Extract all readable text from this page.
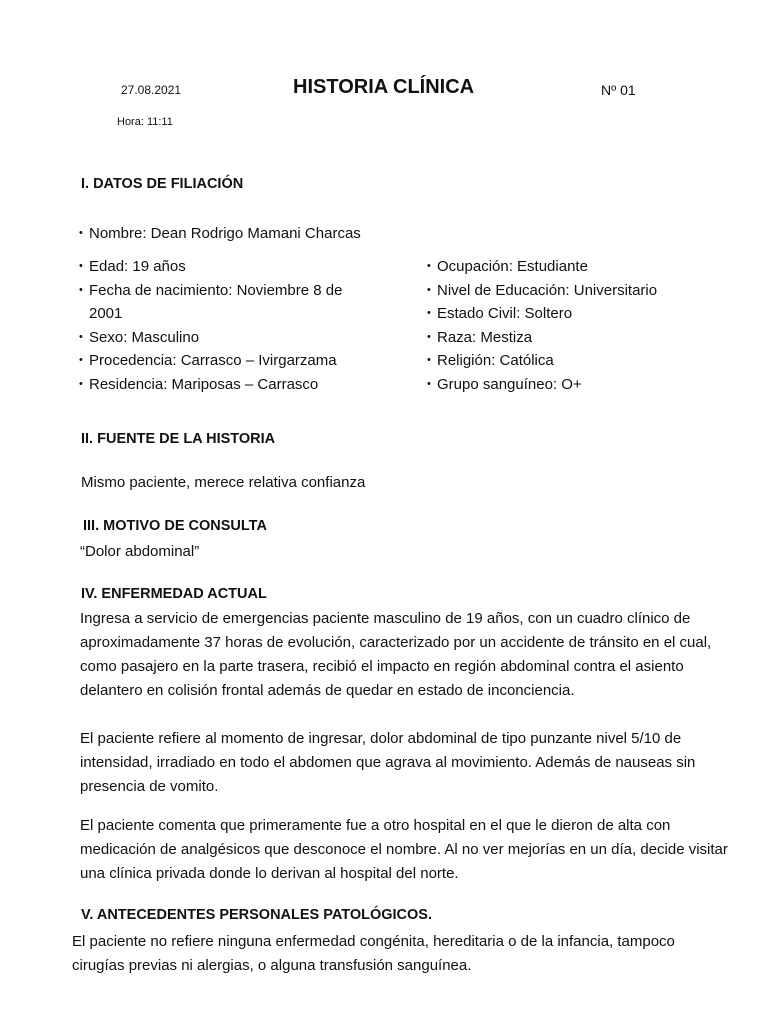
27.08.2021	HISTORIA CLÍNICA	Nº 01
Hora: 11:11
I. DATOS DE FILIACIÓN
• Nombre: Dean Rodrigo Mamani Charcas
• Edad: 19 años
• Fecha de nacimiento: Noviembre 8 de 2001
• Sexo: Masculino
• Procedencia: Carrasco – Ivirgarzama
• Residencia: Mariposas – Carrasco
• Ocupación: Estudiante
• Nivel de Educación: Universitario
• Estado Civil: Soltero
• Raza: Mestiza
• Religión: Católica
• Grupo sanguíneo: O+
II. FUENTE DE LA HISTORIA
Mismo paciente, merece relativa confianza
III. MOTIVO DE CONSULTA
“Dolor abdominal”
IV. ENFERMEDAD ACTUAL

Ingresa a servicio de emergencias paciente masculino de 19 años, con un cuadro clínico de aproximadamente 37 horas de evolución, caracterizado por un accidente de tránsito en el cual, como pasajero en la parte trasera, recibió el impacto en región abdominal contra el asiento delantero en colisión frontal además de quedar en estado de inconciencia.

El paciente refiere al momento de ingresar, dolor abdominal de tipo punzante nivel 5/10 de intensidad, irradiado en todo el abdomen que agrava al movimiento. Además de nauseas sin presencia de vomito.

El paciente comenta que primeramente fue a otro hospital en el que le dieron de alta con medicación de analgésicos que desconoce el nombre. Al no ver mejorías en un día, decide visitar una clínica privada donde lo derivan al hospital del norte.

V. ANTECEDENTES PERSONALES PATOLÓGICOS.

El paciente no refiere ninguna enfermedad congénita, hereditaria o de la infancia, tampoco cirugías previas ni alergias, o alguna transfusión sanguínea.
